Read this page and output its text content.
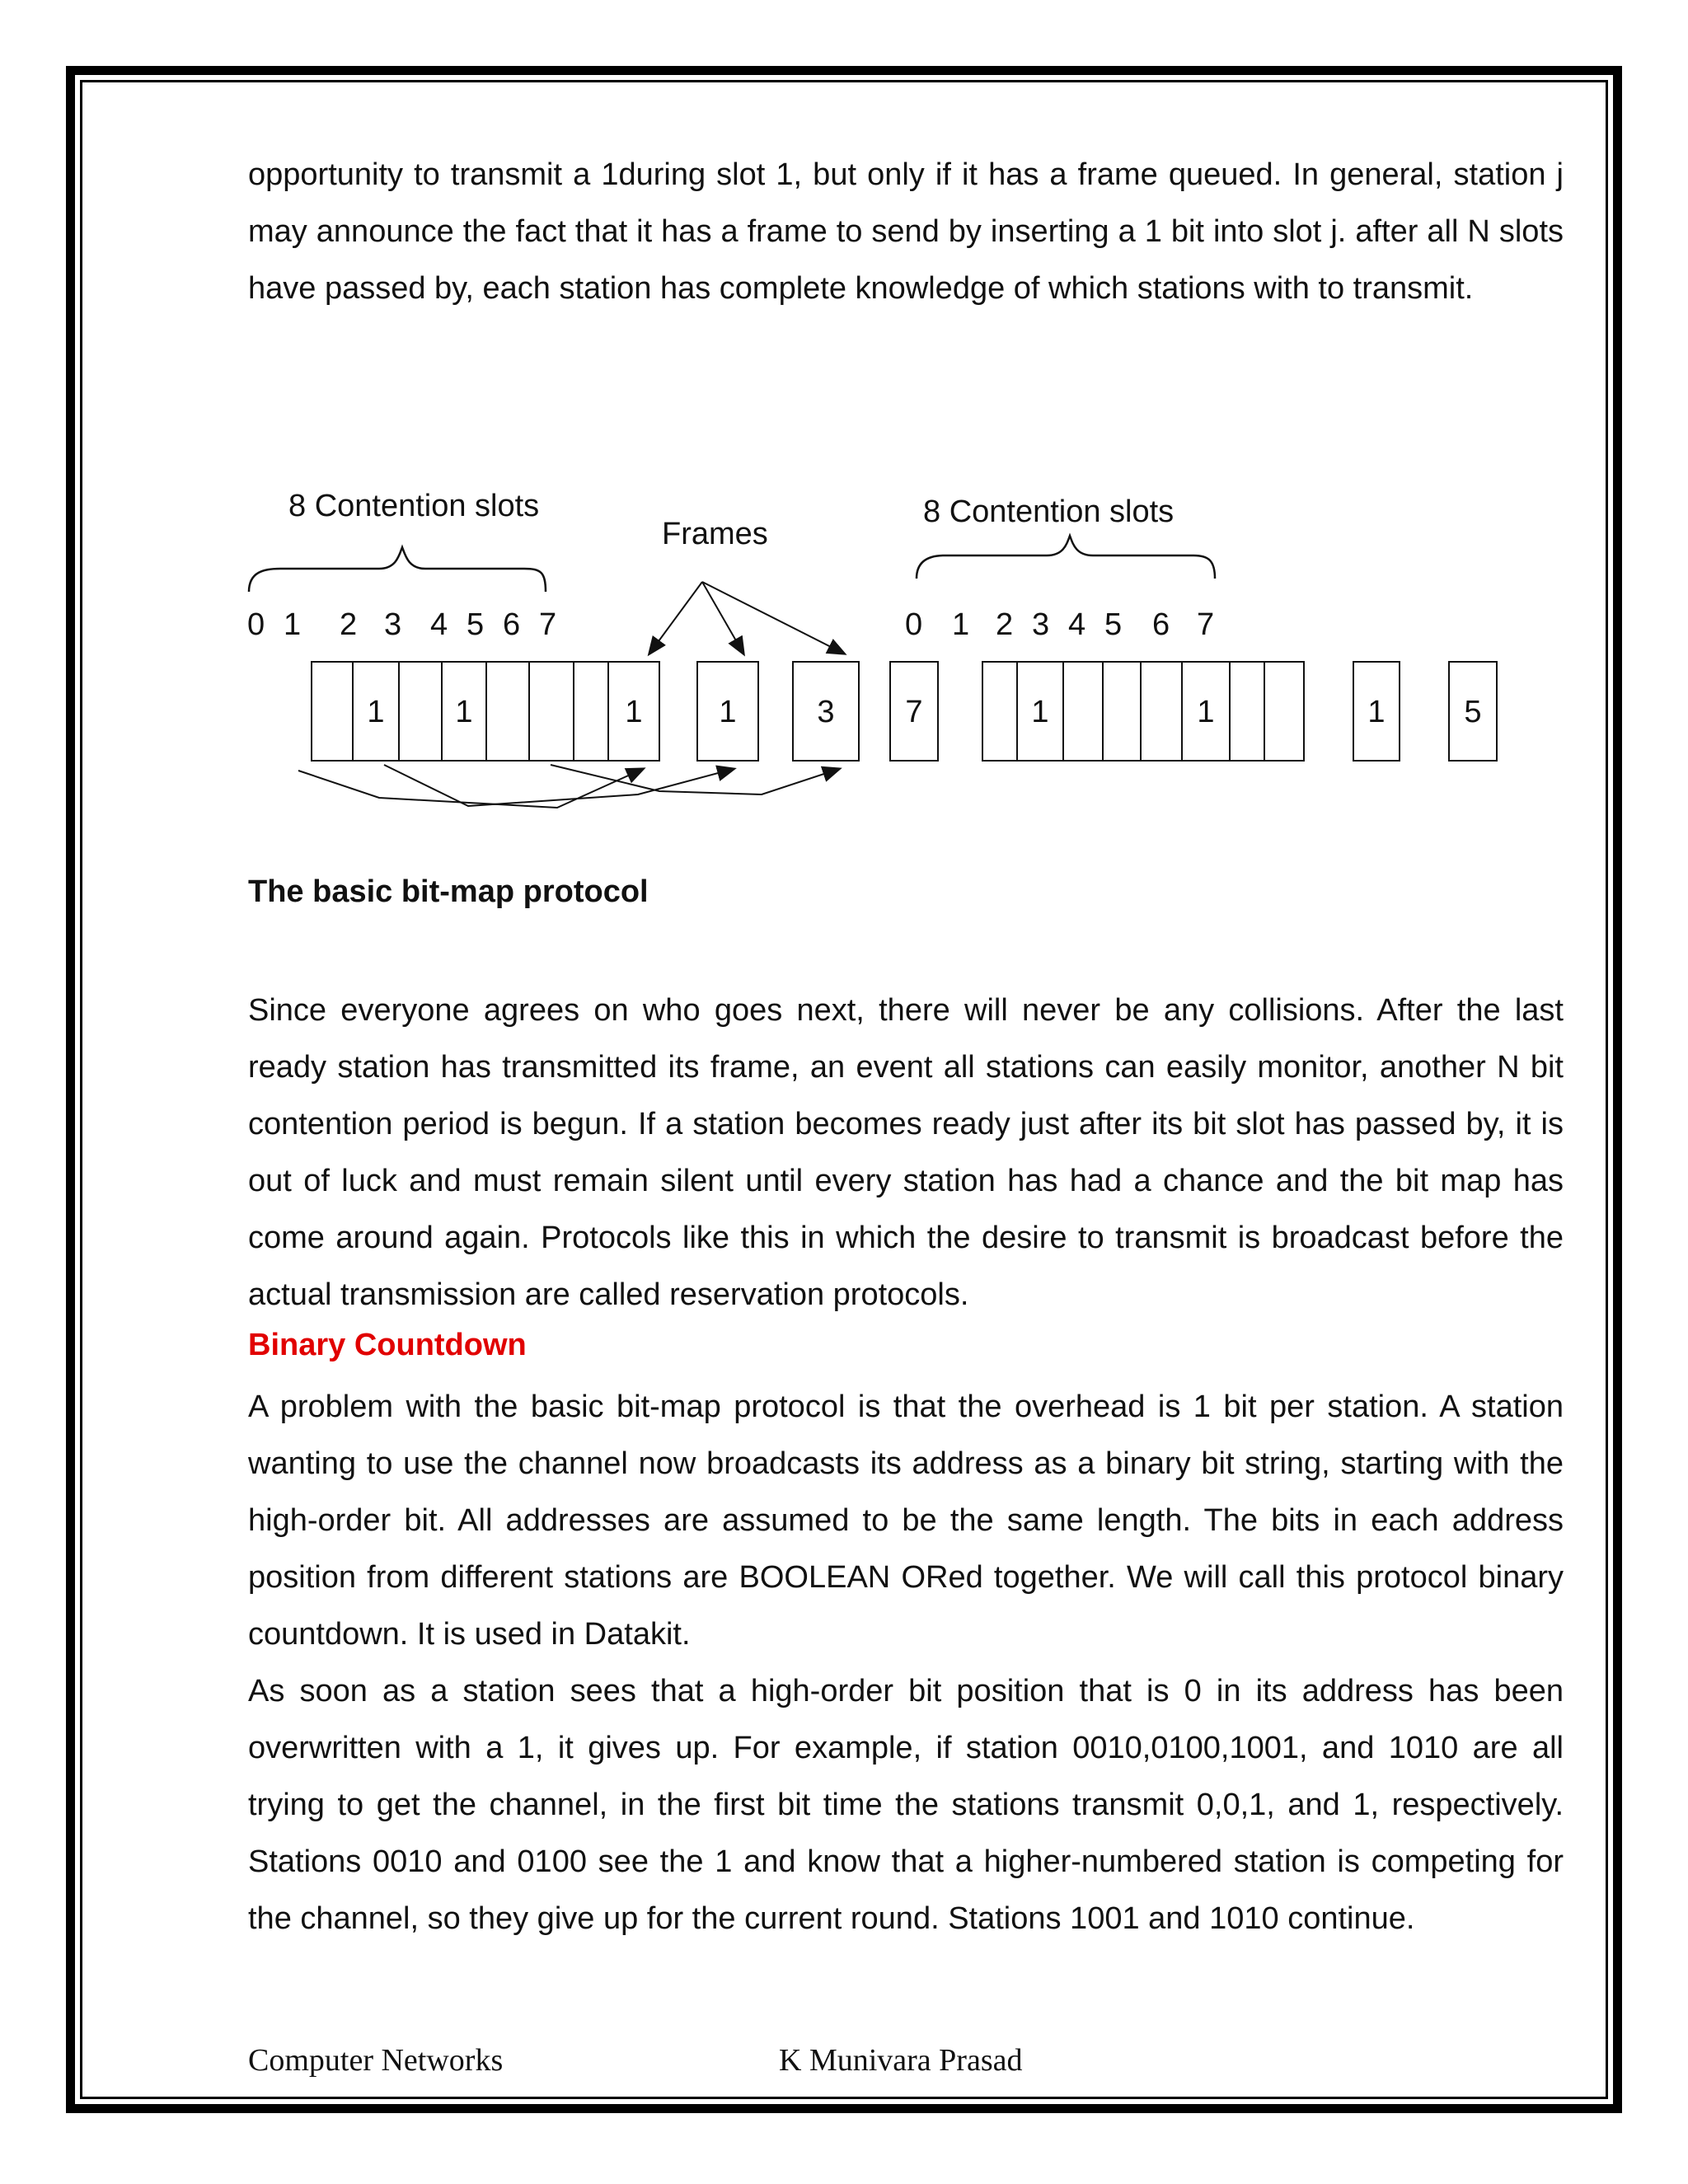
opportunity to transmit a 1during slot 1, but only if it has a frame queued. In general, station j may announce the fact that it has a frame to send by inserting a 1 bit into slot j. after all N slots have passed by, each station has complete knowledge of which stations with to transmit.

8 Contention slots
Frames
8 Contention slots
0 1 2 3 4 5 6 7	0 1 2 3 4 5 6 7
1 1	1 1	3 7	1	1	1	5
The basic bit-map protocol

Since everyone agrees on who goes next, there will never be any collisions. After the last ready station has transmitted its frame, an event all stations can easily monitor, another N bit contention period is begun. If a station becomes ready just after its bit slot has passed by, it is out of luck and must remain silent until every station has had a chance and the bit map has come around again. Protocols like this in which the desire to transmit is broadcast before the actual transmission are called reservation protocols.

Binary Countdown

A problem with the basic bit-map protocol is that the overhead is 1 bit per station. A station wanting to use the channel now broadcasts its address as a binary bit string, starting with the high-order bit. All addresses are assumed to be the same length. The bits in each address position from different stations are BOOLEAN ORed together. We will call this protocol binary countdown. It is used in Datakit.

As soon as a station sees that a high-order bit position that is 0 in its address has been overwritten with a 1, it gives up. For example, if station 0010,0100,1001, and 1010 are all trying to get the channel, in the first bit time the stations transmit 0,0,1, and 1, respectively. Stations 0010 and 0100 see the 1 and know that a higher-numbered station is competing for the channel, so they give up for the current round. Stations 1001 and 1010 continue.

Computer Networks	K Munivara Prasad
